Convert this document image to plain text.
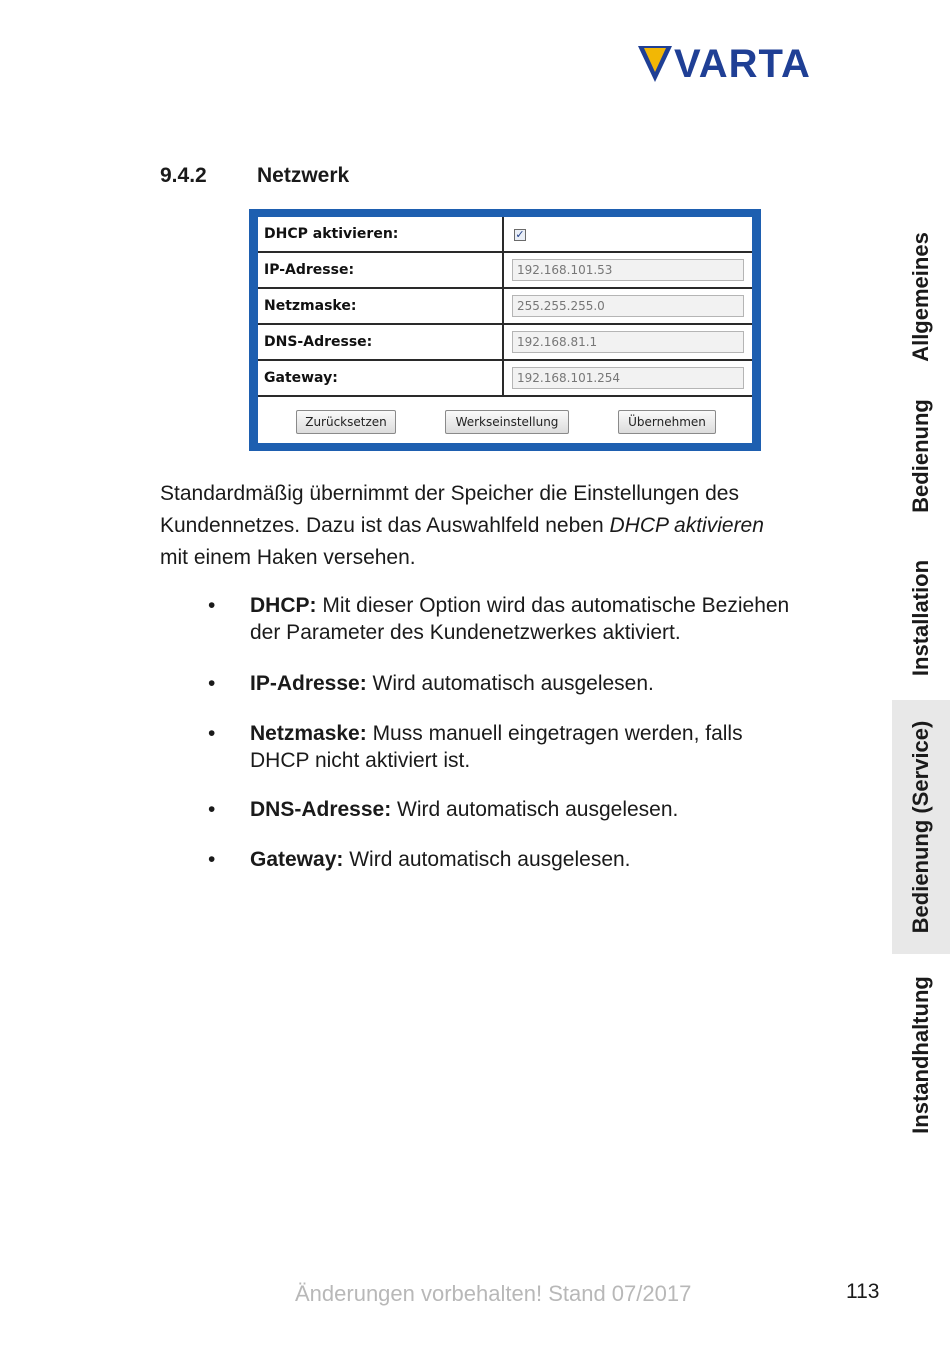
VARTA
9.4.2 Netzwerk
DHCP aktivieren:	✓
IP-Adresse:	192.168.101.53
Netzmaske:	255.255.255.0
DNS-Adresse:	192.168.81.1
Gateway:	192.168.101.254
Zurücksetzen	Werkseinstellung	Übernehmen

Standardmäßig übernimmt der Speicher die Einstellungen des

Kundennetzes. Dazu ist das Auswahlfeld neben DHCP aktivieren

mit einem Haken versehen.

• DHCP: Mit dieser Option wird das automatische Beziehen
der Parameter des Kundenetzwerkes aktiviert.
• IP-Adresse: Wird automatisch ausgelesen.
• Netzmaske: Muss manuell eingetragen werden, falls
DHCP nicht aktiviert ist.
• DNS-Adresse: Wird automatisch ausgelesen.
• Gateway: Wird automatisch ausgelesen.
Allgemeines
Bedienung
Installation
Bedienung (Service)
Instandhaltung
Änderungen vorbehalten! Stand 07/2017	113
